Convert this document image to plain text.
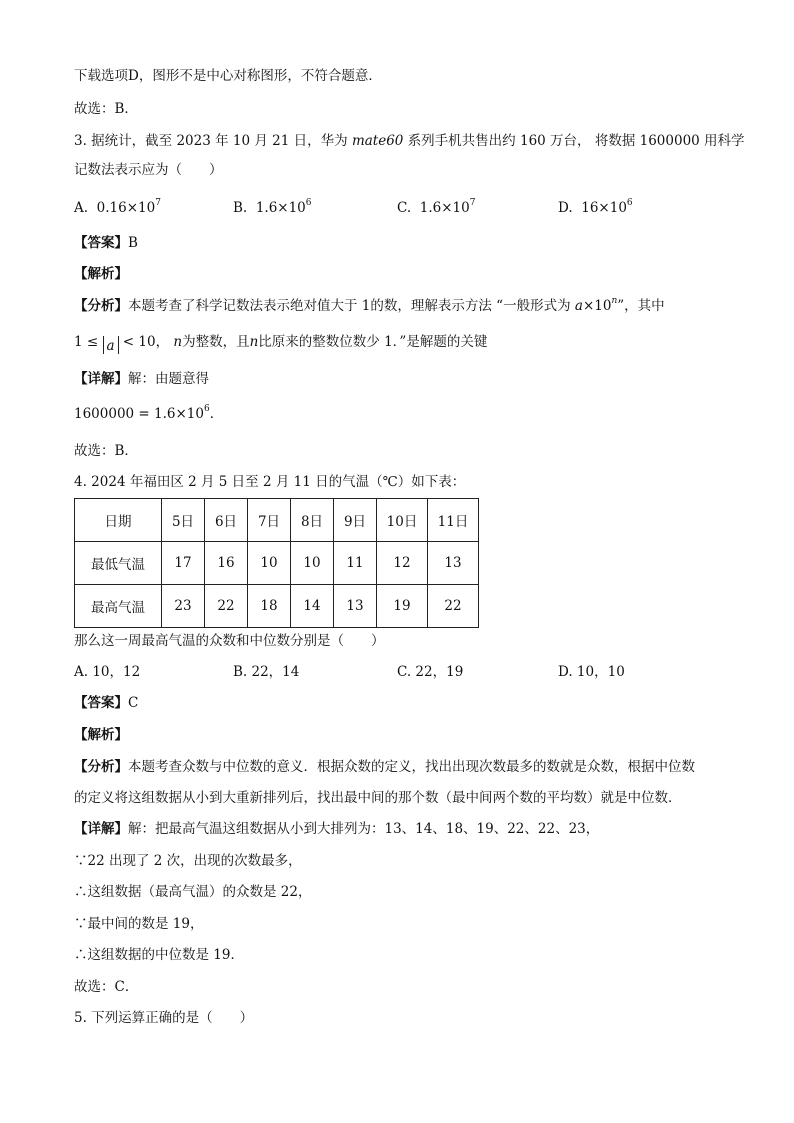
下载选项D，图形不是中心对称图形，不符合题意．
故选：B．
3. 据统计，截至 2023 年 10 月 21 日，华为 mate60 系列手机共售出约 160 万台， 将数据 1600000 用科学
记数法表示应为（　　）
A. $0.16\times 10^7$	B. $1.6\times 10^6$	C. $1.6\times 10^7$	D. $16\times 10^6$
【答案】B
【解析】
【分析】本题考查了科学记数法表示绝对值大于 1的数，理解表示方法 “一般形式为 $a\times 10^n$”，其中
1 ≤ a < 10， n为整数，且n比原来的整数位数少 1．”是解题的关键
【详解】解：由题意得
$1600000 = 1.6\times 10^6$．
故选：B．
4. 2024 年福田区 2 月 5 日至 2 月 11 日的气温（℃）如下表：
日期	5日	6日	7日	8日	9日	10日	11日
最低气温	17	16	10	10	11	12	13
最高气温	23	22	18	14	13	19	22
那么这一周最高气温的众数和中位数分别是（　　）
A. 10，12	B. 22，14	C. 22，19	D. 10，10
【答案】C
【解析】
【分析】本题考查众数与中位数的意义．根据众数的定义，找出出现次数最多的数就是众数，根据中位数
的定义将这组数据从小到大重新排列后，找出最中间的那个数（最中间两个数的平均数）就是中位数．
【详解】解：把最高气温这组数据从小到大排列为：13、14、18、19、22、22、23，
∵22 出现了 2 次，出现的次数最多，
∴这组数据（最高气温）的众数是 22，
∵最中间的数是 19，
∴这组数据的中位数是 19．
故选：C．
5. 下列运算正确的是（　　）
